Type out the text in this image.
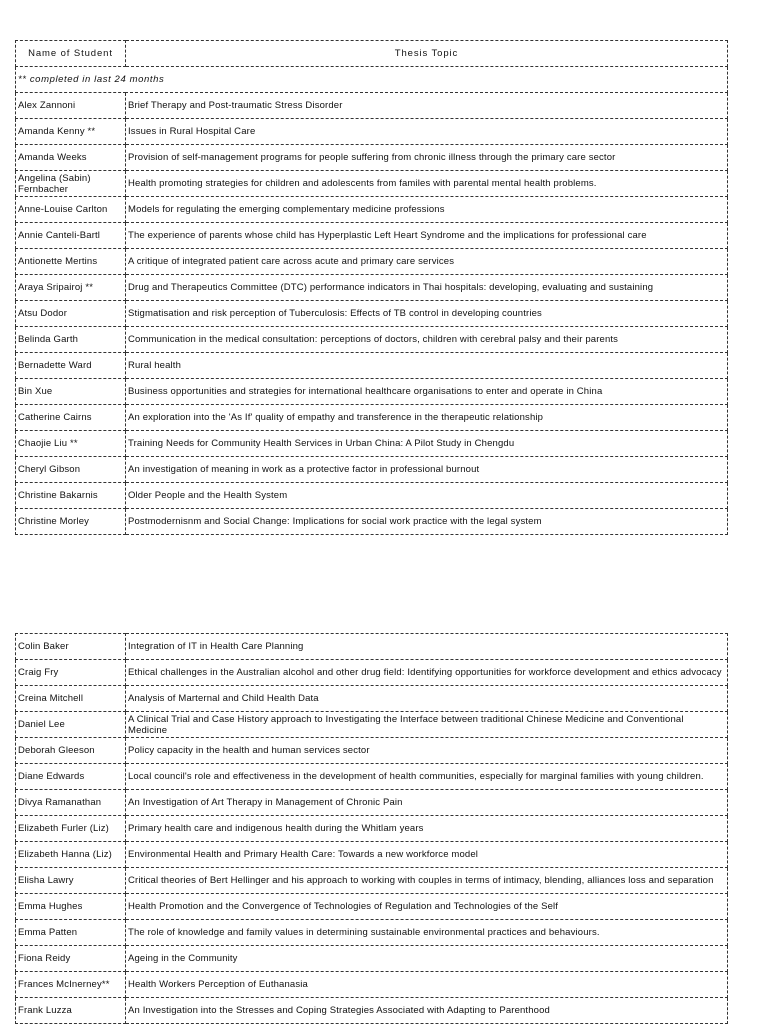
Name of Student	Thesis Topic
** completed in last 24 months	
Alex Zannoni	Brief Therapy and Post-traumatic Stress Disorder
Amanda Kenny **	Issues in Rural Hospital Care
Amanda Weeks	Provision of self-management programs for people suffering from chronic illness through the primary care sector
Angelina (Sabin) Fernbacher	Health promoting strategies for children and adolescents from familes with parental mental health problems.
Anne-Louise Carlton	Models for regulating the emerging complementary medicine professions
Annie Canteli-Bartl	The experience of parents whose child has Hyperplastic Left Heart Syndrome and the implications for professional care
Antionette Mertins	A critique of integrated patient care across acute and primary care services
Araya Sripairoj **	Drug and Therapeutics Committee (DTC) performance indicators in Thai hospitals: developing, evaluating and sustaining
Atsu Dodor	Stigmatisation and risk perception of Tuberculosis: Effects of TB control in developing countries
Belinda Garth	Communication in the medical consultation: perceptions of doctors, children with cerebral palsy and their parents
Bernadette Ward	Rural health
Bin Xue	Business opportunities and strategies for international healthcare organisations to enter and operate in China
Catherine Cairns	An exploration into the 'As If' quality of empathy and transference in the therapeutic relationship
Chaojie Liu **	Training Needs for Community Health Services in Urban China: A Pilot Study in Chengdu
Cheryl Gibson	An investigation of meaning in work as a protective factor in professional burnout
Christine Bakarnis	Older People and the Health System
Christine Morley	Postmodernisnm and Social Change: Implications for social work practice with the legal system
Colin Baker	Integration of IT in Health Care Planning
Craig Fry	Ethical challenges in the Australian alcohol and other drug field: Identifying opportunities for workforce development and ethics advocacy
Creina Mitchell	Analysis of Marternal and Child Health Data
Daniel Lee	A Clinical Trial and Case History approach to Investigating the Interface between traditional Chinese Medicine and Conventional Medicine
Deborah Gleeson	Policy capacity in the health and human services sector
Diane Edwards	Local council's role and effectiveness in the development of health communities, especially for marginal families with young children.
Divya Ramanathan	An Investigation of Art Therapy in Management of Chronic Pain
Elizabeth Furler (Liz)	Primary health care and indigenous health during the Whitlam years
Elizabeth Hanna (Liz)	Environmental Health and Primary Health Care: Towards a new workforce model
Elisha Lawry	Critical theories of Bert Hellinger and his approach to working with couples in terms of intimacy, blending, alliances loss and separation
Emma Hughes	Health Promotion and the Convergence of Technologies of Regulation and Technologies of the Self
Emma Patten	The role of knowledge and family values in determining sustainable environmental practices and behaviours.
Fiona Reidy	Ageing in the Community
Frances McInerney**	Health Workers Perception of Euthanasia
Frank Luzza	An Investigation into the Stresses and Coping Strategies Associated with Adapting to Parenthood
